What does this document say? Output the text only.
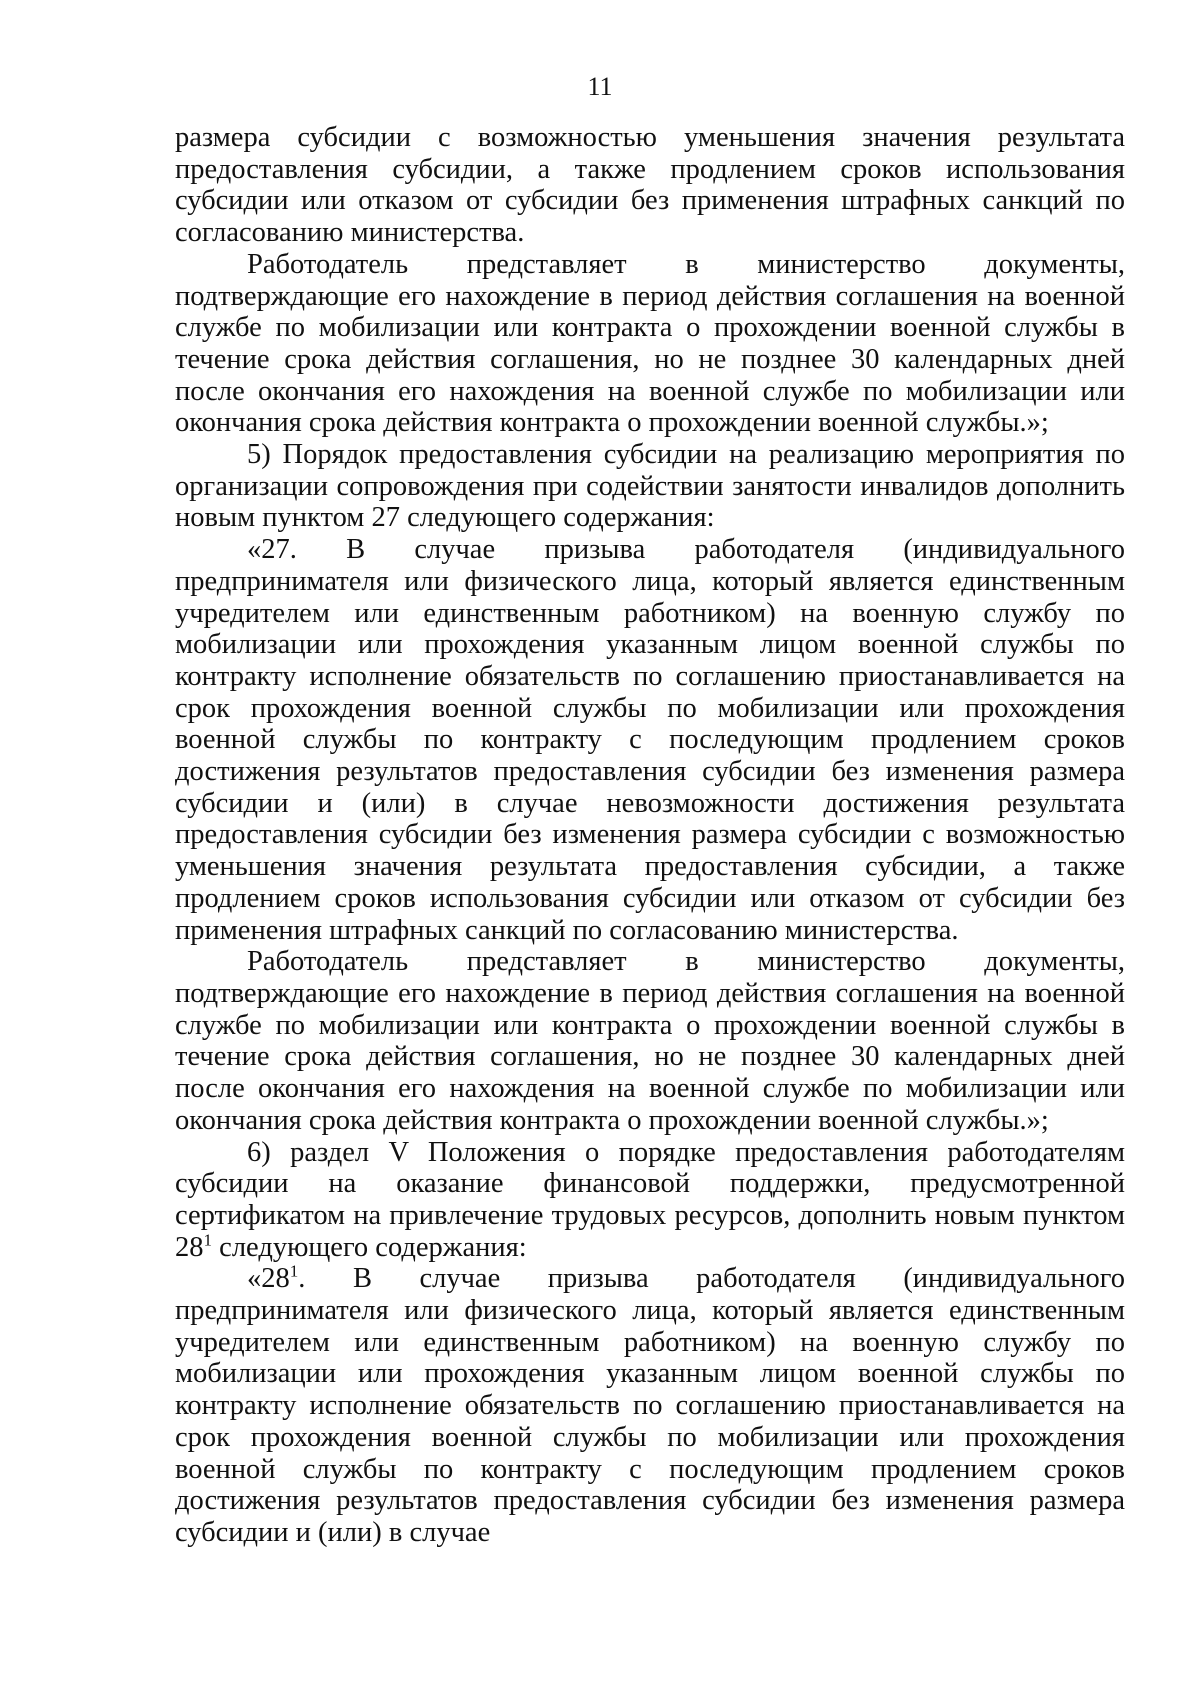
11

размера субсидии с возможностью уменьшения значения результата предоставления субсидии, а также продлением сроков использования субсидии или отказом от субсидии без применения штрафных санкций по согласованию министерства.

Работодатель представляет в министерство документы, подтверждающие его нахождение в период действия соглашения на военной службе по мобилизации или контракта о прохождении военной службы в течение срока действия соглашения, но не позднее 30 календарных дней после окончания его нахождения на военной службе по мобилизации или окончания срока действия контракта о прохождении военной службы.»;

5) Порядок предоставления субсидии на реализацию мероприятия по организации сопровождения при содействии занятости инвалидов дополнить новым пунктом 27 следующего содержания:

«27. В случае призыва работодателя (индивидуального предпринимателя или физического лица, который является единственным учредителем или единственным работником) на военную службу по мобилизации или прохождения указанным лицом военной службы по контракту исполнение обязательств по соглашению приостанавливается на срок прохождения военной службы по мобилизации или прохождения военной службы по контракту с последующим продлением сроков достижения результатов предоставления субсидии без изменения размера субсидии и (или) в случае невозможности достижения результата предоставления субсидии без изменения размера субсидии с возможностью уменьшения значения результата предоставления субсидии, а также продлением сроков использования субсидии или отказом от субсидии без применения штрафных санкций по согласованию министерства.

Работодатель представляет в министерство документы, подтверждающие его нахождение в период действия соглашения на военной службе по мобилизации или контракта о прохождении военной службы в течение срока действия соглашения, но не позднее 30 календарных дней после окончания его нахождения на военной службе по мобилизации или окончания срока действия контракта о прохождении военной службы.»;

6) раздел V Положения о порядке предоставления работодателям субсидии на оказание финансовой поддержки, предусмотренной сертификатом на привлечение трудовых ресурсов, дополнить новым пунктом $28^1$ следующего содержания:

«$28^1$. В случае призыва работодателя (индивидуального предпринимателя или физического лица, который является единственным учредителем или единственным работником) на военную службу по мобилизации или прохождения указанным лицом военной службы по контракту исполнение обязательств по соглашению приостанавливается на срок прохождения военной службы по мобилизации или прохождения военной службы по контракту с последующим продлением сроков достижения результатов предоставления субсидии без изменения размера субсидии и (или) в случае
